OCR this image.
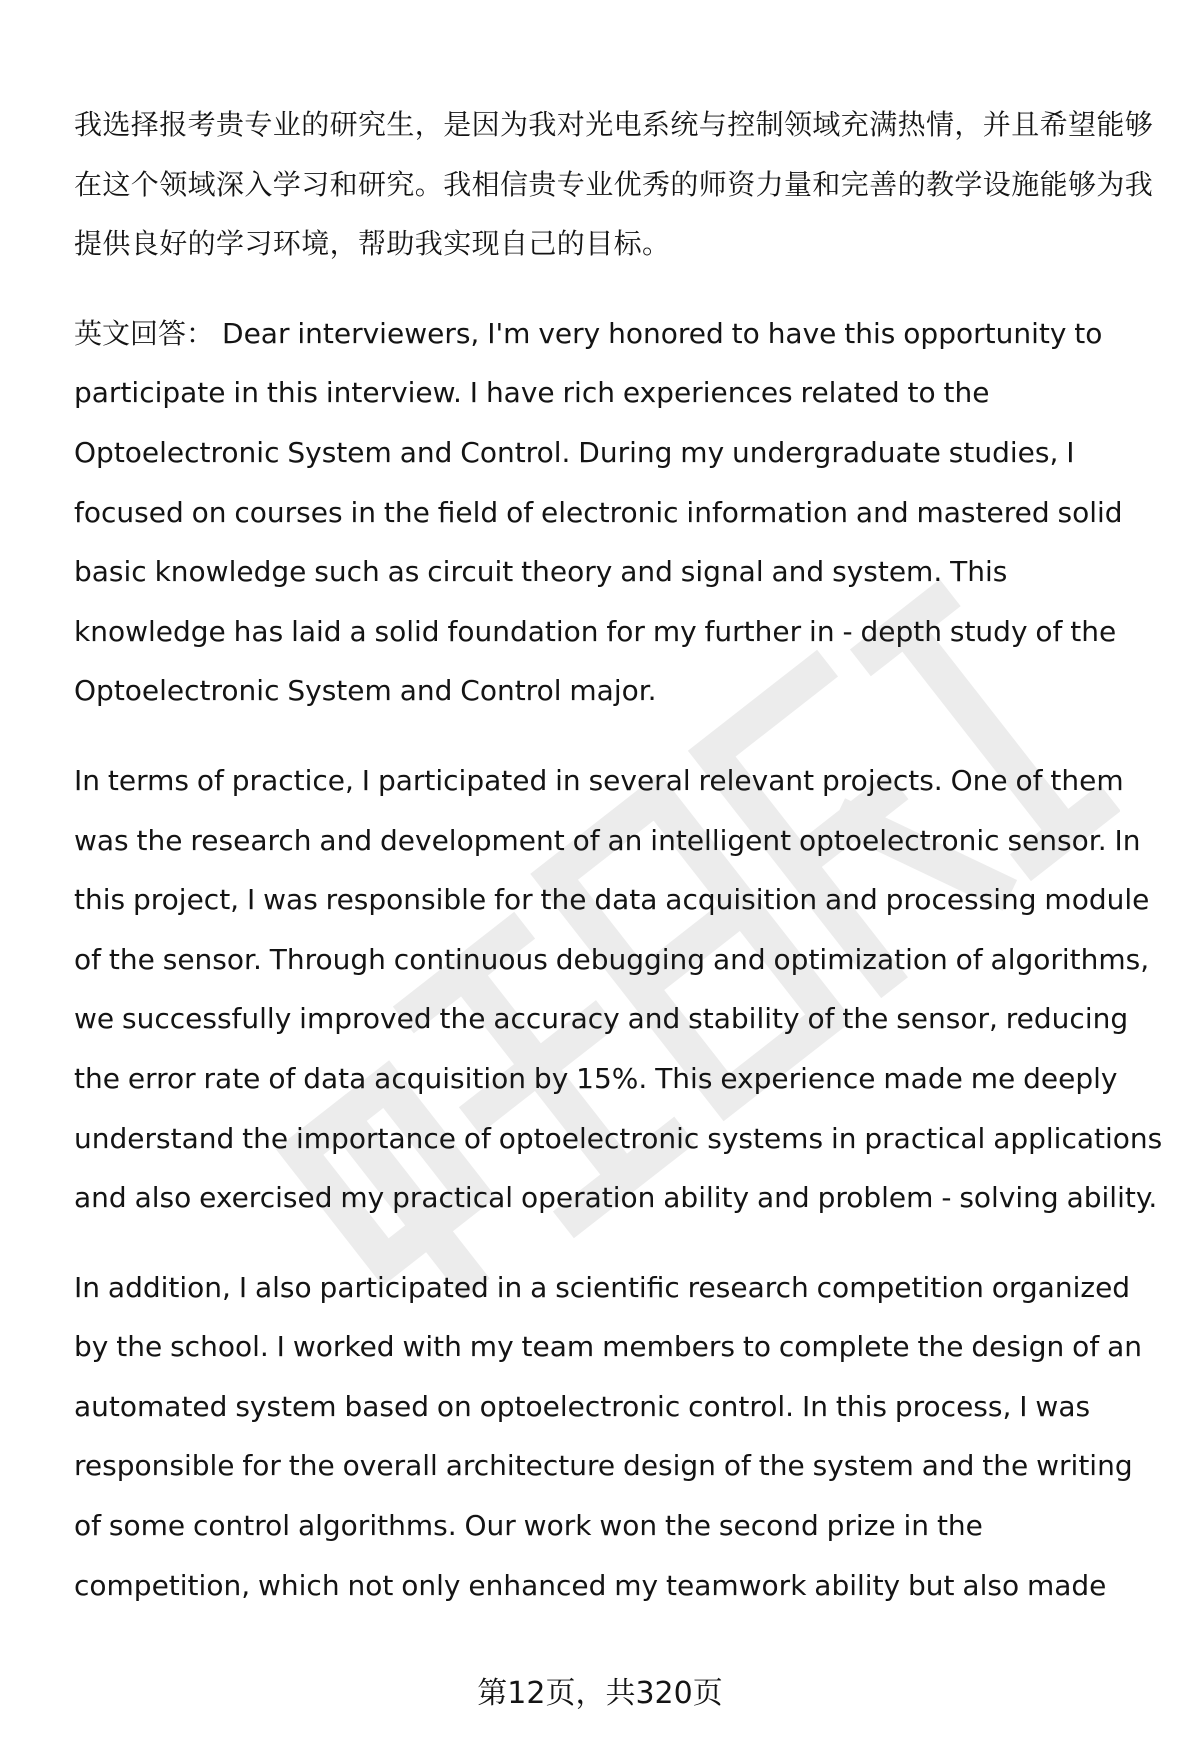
我选择报考贵专业的研究生，是因为我对光电系统与控制领域充满热情，并且希望能够在这个领域深入学习和研究。我相信贵专业优秀的师资力量和完善的教学设施能够为我提供良好的学习环境，帮助我实现自己的目标。

英文回答： Dear interviewers, I'm very honored to have this opportunity to participate in this interview. I have rich experiences related to the Optoelectronic System and Control. During my undergraduate studies, I focused on courses in the field of electronic information and mastered solid basic knowledge such as circuit theory and signal and system. This knowledge has laid a solid foundation for my further in - depth study of the Optoelectronic System and Control major.

In terms of practice, I participated in several relevant projects. One of them was the research and development of an intelligent optoelectronic sensor. In this project, I was responsible for the data acquisition and processing module of the sensor. Through continuous debugging and optimization of algorithms, we successfully improved the accuracy and stability of the sensor, reducing the error rate of data acquisition by 15%. This experience made me deeply understand the importance of optoelectronic systems in practical applications and also exercised my practical operation ability and problem - solving ability.

In addition, I also participated in a scientific research competition organized by the school. I worked with my team members to complete the design of an automated system based on optoelectronic control. In this process, I was responsible for the overall architecture design of the system and the writing of some control algorithms. Our work won the second prize in the competition, which not only enhanced my teamwork ability but also made

第12页，共320页
